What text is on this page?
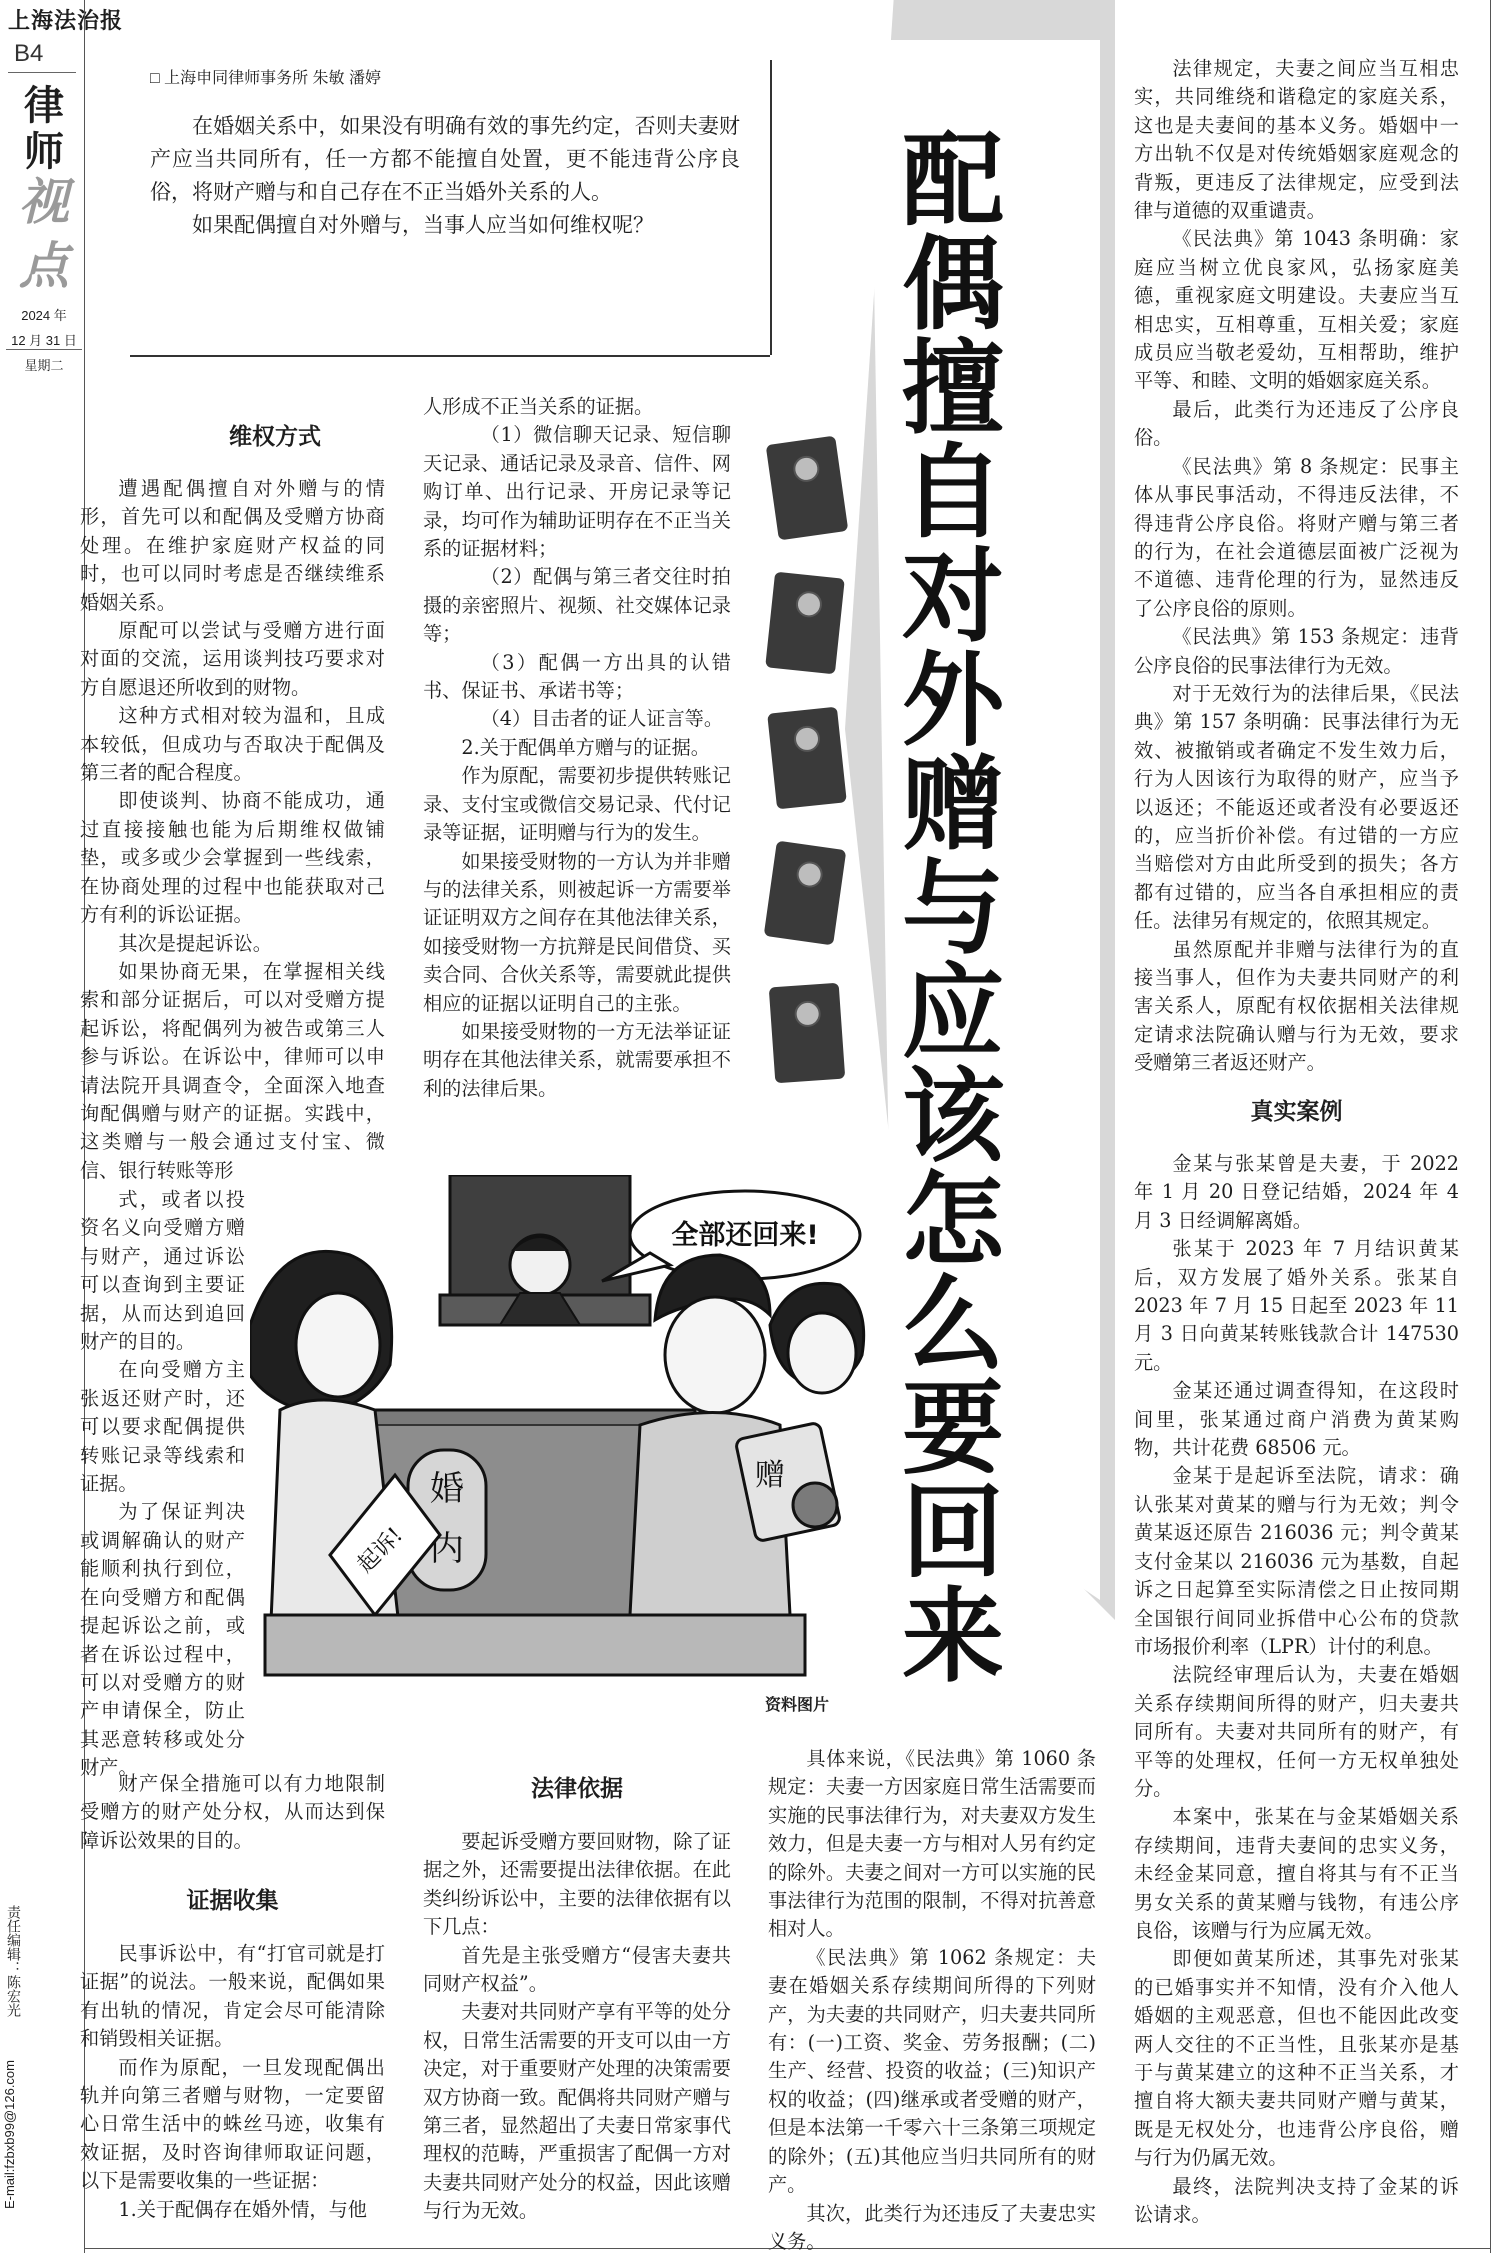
上海法治报
B4
律
师
视
点
2024 年
12 月 31 日
星期二
责任编辑：陈宏光
E-mail:fzbxb99@126.com
□ 上海申同律师事务所 朱敏 潘婷

在婚姻关系中，如果没有明确有效的事先约定，否则夫妻财产应当共同所有，任一方都不能擅自处置，更不能违背公序良俗，将财产赠与和自己存在不正当婚外关系的人。

如果配偶擅自对外赠与，当事人应当如何维权呢？	配偶擅自对外赠与应该怎么要回来
维权方式

遭遇配偶擅自对外赠与的情形，首先可以和配偶及受赠方协商处理。在维护家庭财产权益的同时，也可以同时考虑是否继续维系婚姻关系。

原配可以尝试与受赠方进行面对面的交流，运用谈判技巧要求对方自愿退还所收到的财物。

这种方式相对较为温和，且成本较低，但成功与否取决于配偶及第三者的配合程度。

即使谈判、协商不能成功，通过直接接触也能为后期维权做铺垫，或多或少会掌握到一些线索，在协商处理的过程中也能获取对己方有利的诉讼证据。

其次是提起诉讼。

如果协商无果，在掌握相关线索和部分证据后，可以对受赠方提起诉讼，将配偶列为被告或第三人参与诉讼。在诉讼中，律师可以申请法院开具调查令，全面深入地查询配偶赠与财产的证据。实践中，这类赠与一般会通过支付宝、微信、银行转账等形

式，或者以投资名义向受赠方赠与财产，通过诉讼可以查询到主要证据，从而达到追回财产的目的。

在向受赠方主张返还财产时，还可以要求配偶提供转账记录等线索和证据。

为了保证判决或调解确认的财产能顺利执行到位，在向受赠方和配偶提起诉讼之前，或者在诉讼过程中，可以对受赠方的财产申请保全，防止其恶意转移或处分财产。

财产保全措施可以有力地限制受赠方的财产处分权，从而达到保障诉讼效果的目的。

证据收集

民事诉讼中，有“打官司就是打证据”的说法。一般来说，配偶如果有出轨的情况，肯定会尽可能清除和销毁相关证据。

而作为原配，一旦发现配偶出轨并向第三者赠与财物，一定要留心日常生活中的蛛丝马迹，收集有效证据，及时咨询律师取证问题，以下是需要收集的一些证据：

1.关于配偶存在婚外情，与他

人形成不正当关系的证据。

（1）微信聊天记录、短信聊天记录、通话记录及录音、信件、网购订单、出行记录、开房记录等记录，均可作为辅助证明存在不正当关系的证据材料；

（2）配偶与第三者交往时拍摄的亲密照片、视频、社交媒体记录等；

（3）配偶一方出具的认错书、保证书、承诺书等；

（4）目击者的证人证言等。

2.关于配偶单方赠与的证据。

作为原配，需要初步提供转账记录、支付宝或微信交易记录、代付记录等证据，证明赠与行为的发生。

如果接受财物的一方认为并非赠与的法律关系，则被起诉一方需要举证证明双方之间存在其他法律关系，如接受财物一方抗辩是民间借贷、买卖合同、合伙关系等，需要就此提供相应的证据以证明自己的主张。

如果接受财物的一方无法举证证明存在其他法律关系，就需要承担不利的法律后果。

全部还回来!
婚
内
起诉!
赠
资料图片
法律依据

要起诉受赠方要回财物，除了证据之外，还需要提出法律依据。在此类纠纷诉讼中，主要的法律依据有以下几点：

首先是主张受赠方“侵害夫妻共同财产权益”。

夫妻对共同财产享有平等的处分权，日常生活需要的开支可以由一方决定，对于重要财产处理的决策需要双方协商一致。配偶将共同财产赠与第三者，显然超出了夫妻日常家事代理权的范畴，严重损害了配偶一方对夫妻共同财产处分的权益，因此该赠与行为无效。

具体来说，《民法典》第 1060 条规定：夫妻一方因家庭日常生活需要而实施的民事法律行为，对夫妻双方发生效力，但是夫妻一方与相对人另有约定的除外。夫妻之间对一方可以实施的民事法律行为范围的限制，不得对抗善意相对人。

《民法典》第 1062 条规定：夫妻在婚姻关系存续期间所得的下列财产，为夫妻的共同财产，归夫妻共同所有：(一)工资、奖金、劳务报酬；(二)生产、经营、投资的收益；(三)知识产权的收益；(四)继承或者受赠的财产，但是本法第一千零六十三条第三项规定的除外；(五)其他应当归共同所有的财产。

其次，此类行为还违反了夫妻忠实义务。

法律规定，夫妻之间应当互相忠实，共同维绕和谐稳定的家庭关系，这也是夫妻间的基本义务。婚姻中一方出轨不仅是对传统婚姻家庭观念的背叛，更违反了法律规定，应受到法律与道德的双重谴责。

《民法典》第 1043 条明确：家庭应当树立优良家风，弘扬家庭美德，重视家庭文明建设。夫妻应当互相忠实，互相尊重，互相关爱；家庭成员应当敬老爱幼，互相帮助，维护平等、和睦、文明的婚姻家庭关系。

最后，此类行为还违反了公序良俗。

《民法典》第 8 条规定：民事主体从事民事活动，不得违反法律，不得违背公序良俗。将财产赠与第三者的行为，在社会道德层面被广泛视为不道德、违背伦理的行为，显然违反了公序良俗的原则。

《民法典》第 153 条规定：违背公序良俗的民事法律行为无效。

对于无效行为的法律后果，《民法典》第 157 条明确：民事法律行为无效、被撤销或者确定不发生效力后，行为人因该行为取得的财产，应当予以返还；不能返还或者没有必要返还的，应当折价补偿。有过错的一方应当赔偿对方由此所受到的损失；各方都有过错的，应当各自承担相应的责任。法律另有规定的，依照其规定。

虽然原配并非赠与法律行为的直接当事人，但作为夫妻共同财产的利害关系人，原配有权依据相关法律规定请求法院确认赠与行为无效，要求受赠第三者返还财产。

真实案例

金某与张某曾是夫妻，于 2022 年 1 月 20 日登记结婚，2024 年 4 月 3 日经调解离婚。

张某于 2023 年 7 月结识黄某后，双方发展了婚外关系。张某自 2023 年 7 月 15 日起至 2023 年 11 月 3 日向黄某转账钱款合计 147530 元。

金某还通过调查得知，在这段时间里，张某通过商户消费为黄某购物，共计花费 68506 元。

金某于是起诉至法院，请求：确认张某对黄某的赠与行为无效；判令黄某返还原告 216036 元；判令黄某支付金某以 216036 元为基数，自起诉之日起算至实际清偿之日止按同期全国银行间同业拆借中心公布的贷款市场报价利率（LPR）计付的利息。

法院经审理后认为，夫妻在婚姻关系存续期间所得的财产，归夫妻共同所有。夫妻对共同所有的财产，有平等的处理权，任何一方无权单独处分。

本案中，张某在与金某婚姻关系存续期间，违背夫妻间的忠实义务，未经金某同意，擅自将其与有不正当男女关系的黄某赠与钱物，有违公序良俗，该赠与行为应属无效。

即便如黄某所述，其事先对张某的已婚事实并不知情，没有介入他人婚姻的主观恶意，但也不能因此改变两人交往的不正当性，且张某亦是基于与黄某建立的这种不正当关系，才擅自将大额夫妻共同财产赠与黄某，既是无权处分，也违背公序良俗，赠与行为仍属无效。

最终，法院判决支持了金某的诉讼请求。
